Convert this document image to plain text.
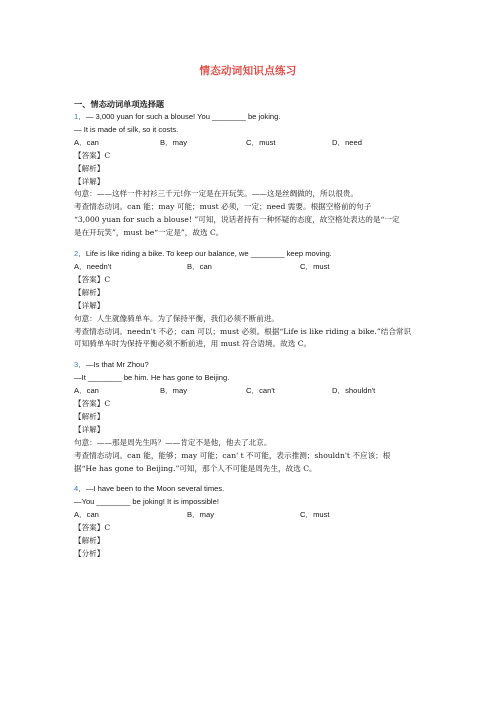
情态动词知识点练习
一、情态动词单项选择题
1．— 3,000 yuan for such a blouse! You ________ be joking.
— It is made of silk, so it costs.
A．can	B．may	C．must	D．need
【答案】C
【解析】
【详解】
句意：——这样一件衬衫三千元!你一定是在开玩笑。——这是丝绸做的，所以很贵。
考查情态动词。can 能；may 可能；must 必须，一定；need 需要。根据空格前的句子
“3,000 yuan for such a blouse! ”可知，说话者持有一种怀疑的态度，故空格处表达的是“一定
是在开玩笑”，must be“一定是”，故选 C。
2．Life is like riding a bike. To keep our balance, we ________ keep moving.
A．needn't	B．can	C．must
【答案】C
【解析】
【详解】
句意：人生就像骑单车。为了保持平衡，我们必须不断前进。
考查情态动词。needn't 不必；can 可以；must 必须。根据“Life is like riding a bike.”结合常识
可知骑单车时为保持平衡必须不断前进，用 must 符合语境。故选 C。
3．—Is that Mr Zhou?
—It ________ be him. He has gone to Beijing.
A．can	B．may	C．can't	D．shouldn't
【答案】C
【解析】
【详解】
句意：——那是周先生吗？——肯定不是他，他去了北京。
考查情态动词。can 能，能够；may 可能；can' t 不可能，表示推测；shouldn't 不应该；根
据“He has gone to Beijing.”可知，那个人不可能是周先生，故选 C。
4．—I have been to the Moon several times.
—You ________ be joking! It is impossible!
A．can	B．may	C．must
【答案】C
【解析】
【分析】
